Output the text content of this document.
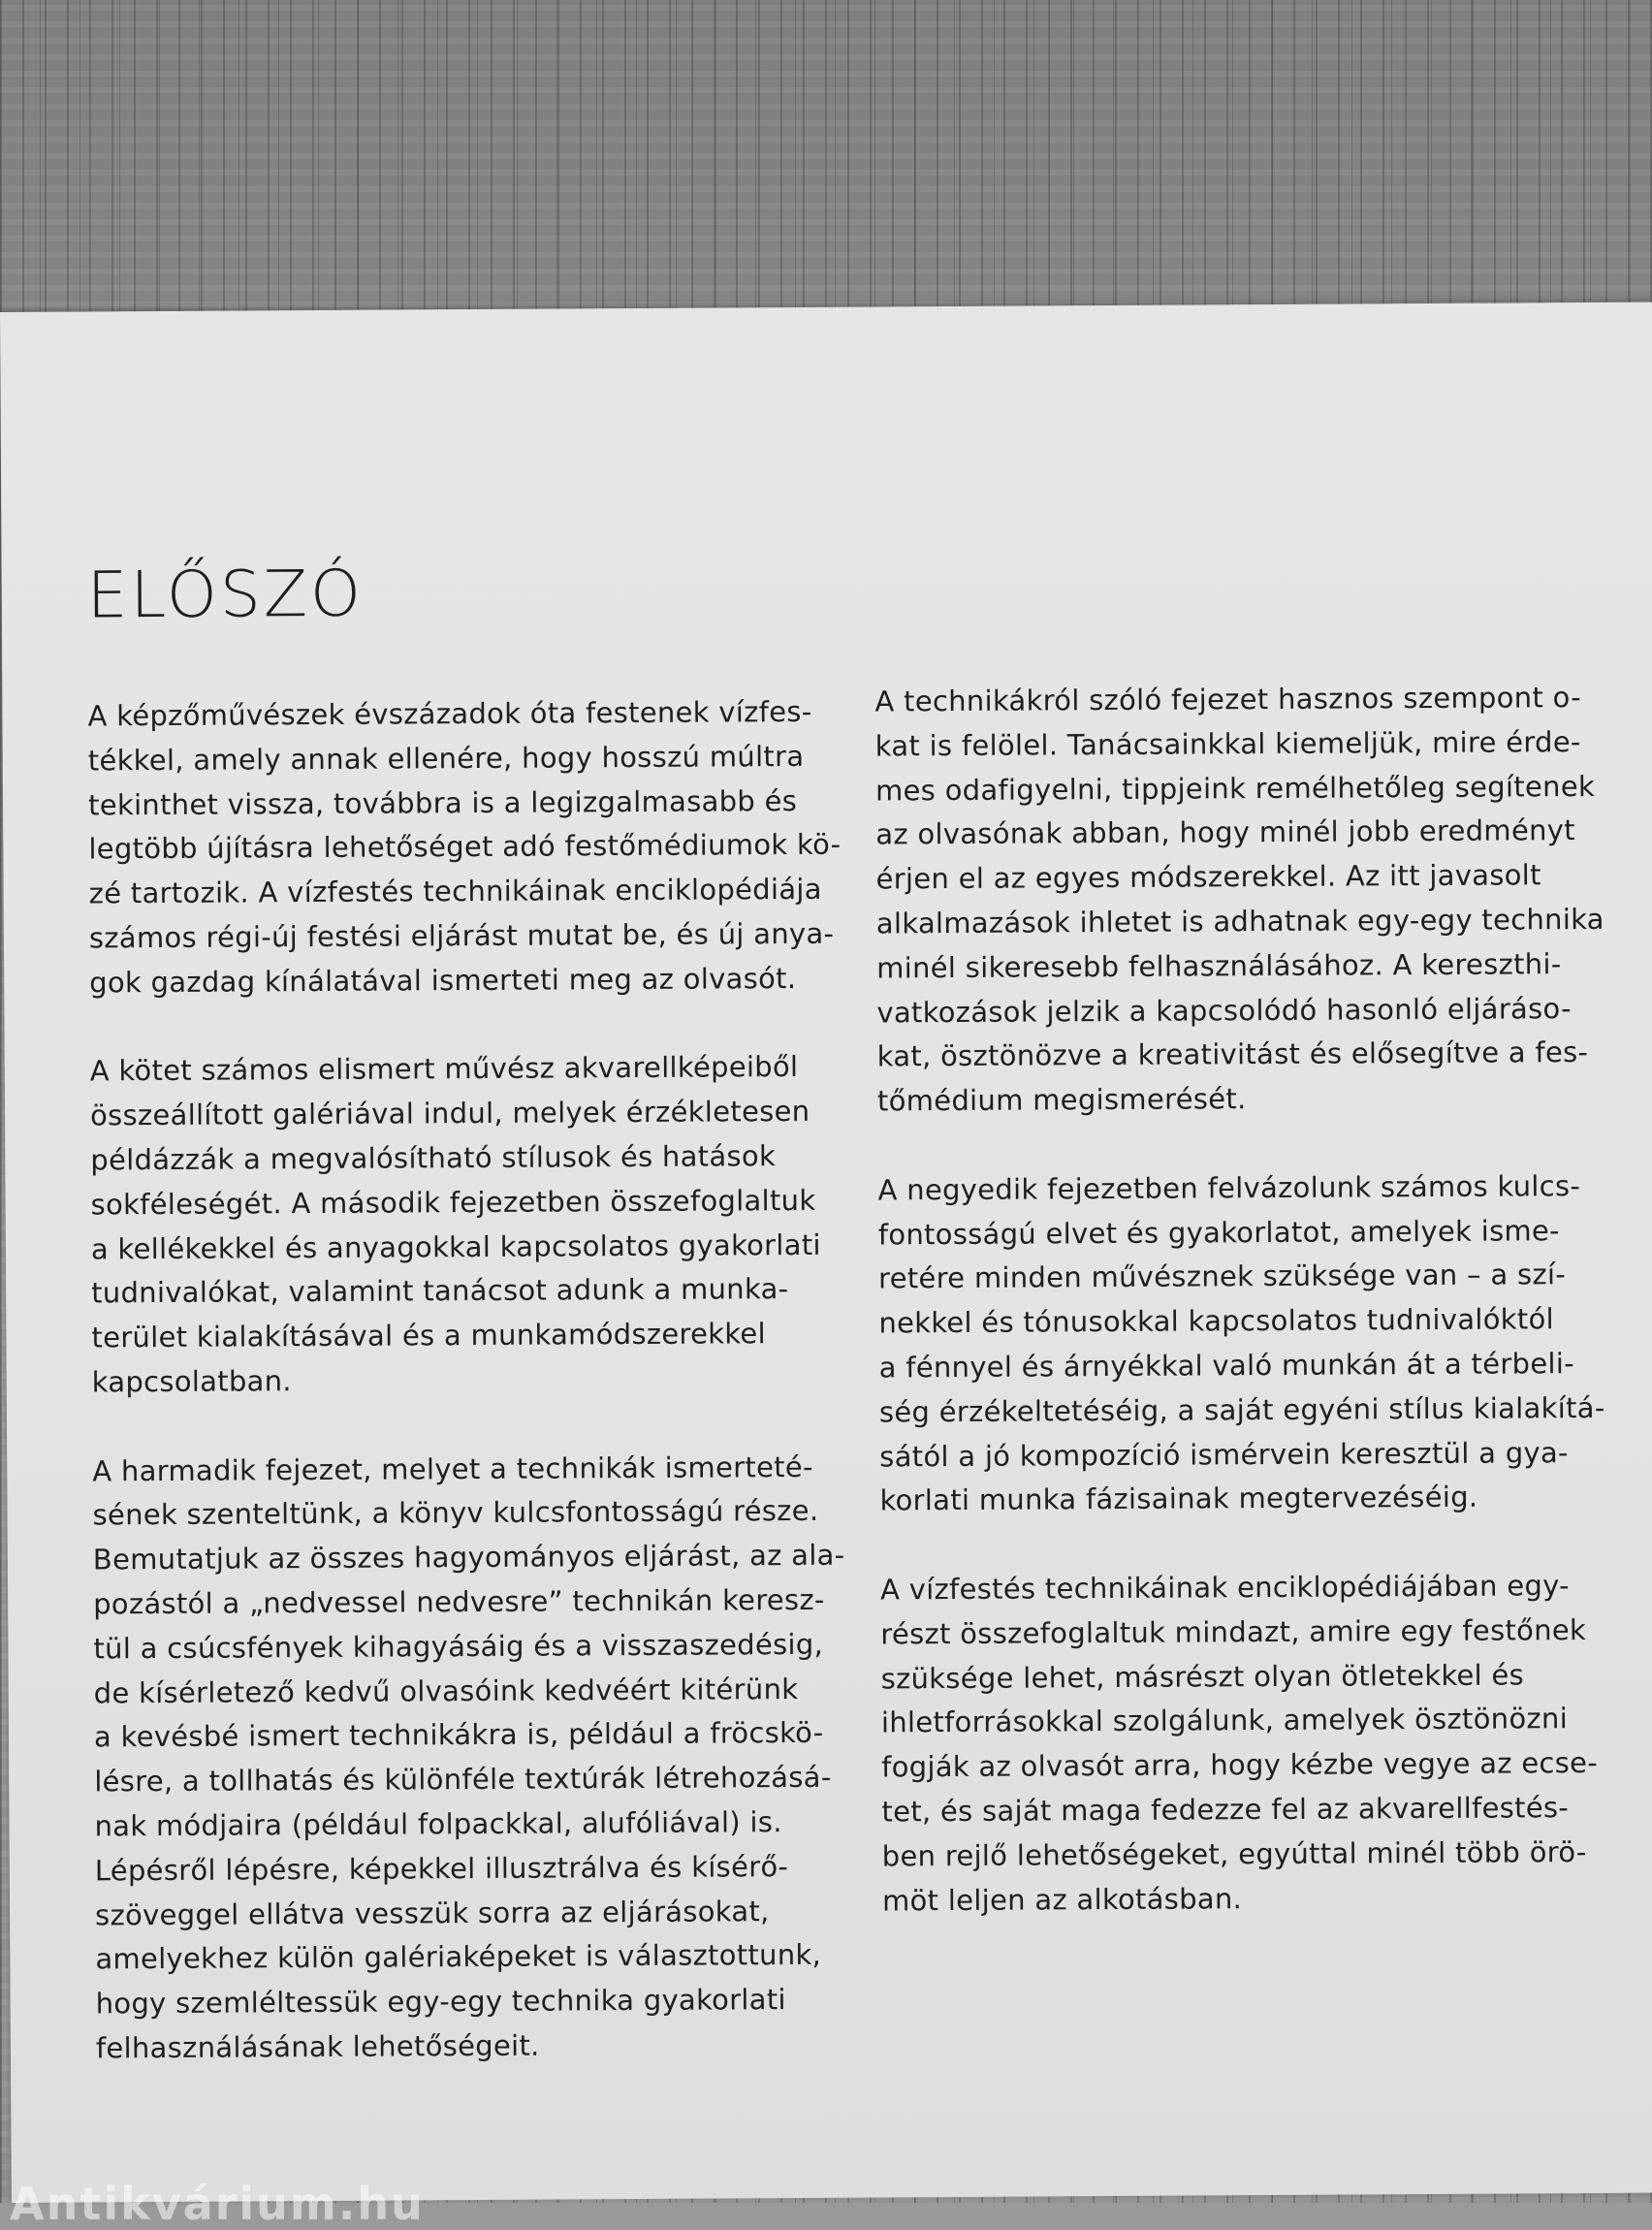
ELŐSZÓ

A képzőművészek évszázadok óta festenek vízfes-
tékkel, amely annak ellenére, hogy hosszú múltra
tekinthet vissza, továbbra is a legizgalmasabb és
legtöbb újításra lehetőséget adó festőmédiumok kö-
zé tartozik. A vízfestés technikáinak enciklopédiája
számos régi-új festési eljárást mutat be, és új anya-
gok gazdag kínálatával ismerteti meg az olvasót.

A kötet számos elismert művész akvarellképeiből
összeállított galériával indul, melyek érzékletesen
példázzák a megvalósítható stílusok és hatások
sokféleségét. A második fejezetben összefoglaltuk
a kellékekkel és anyagokkal kapcsolatos gyakorlati
tudnivalókat, valamint tanácsot adunk a munka-
terület kialakításával és a munkamódszerekkel
kapcsolatban.

A harmadik fejezet, melyet a technikák ismerteté-
sének szenteltünk, a könyv kulcsfontosságú része.
Bemutatjuk az összes hagyományos eljárást, az ala-
pozástól a „nedvessel nedvesre” technikán keresz-
tül a csúcsfények kihagyásáig és a visszaszedésig,
de kísérletező kedvű olvasóink kedvéért kitérünk
a kevésbé ismert technikákra is, például a fröcskö-
lésre, a tollhatás és különféle textúrák létrehozásá-
nak módjaira (például folpackkal, alufóliával) is.
Lépésről lépésre, képekkel illusztrálva és kísérő-
szöveggel ellátva vesszük sorra az eljárásokat,
amelyekhez külön galériaképeket is választottunk,
hogy szemléltessük egy-egy technika gyakorlati
felhasználásának lehetőségeit.

A technikákról szóló fejezet hasznos szempont o-
kat is felölel. Tanácsainkkal kiemeljük, mire érde-
mes odafigyelni, tippjeink remélhetőleg segítenek
az olvasónak abban, hogy minél jobb eredményt
érjen el az egyes módszerekkel. Az itt javasolt
alkalmazások ihletet is adhatnak egy-egy technika
minél sikeresebb felhasználásához. A kereszthi-
vatkozások jelzik a kapcsolódó hasonló eljáráso-
kat, ösztönözve a kreativitást és elősegítve a fes-
tőmédium megismerését.

A negyedik fejezetben felvázolunk számos kulcs-
fontosságú elvet és gyakorlatot, amelyek isme-
retére minden művésznek szüksége van – a szí-
nekkel és tónusokkal kapcsolatos tudnivalóktól
a fénnyel és árnyékkal való munkán át a térbeli-
ség érzékeltetéséig, a saját egyéni stílus kialakítá-
sától a jó kompozíció ismérvein keresztül a gya-
korlati munka fázisainak megtervezéséig.

A vízfestés technikáinak enciklopédiájában egy-
részt összefoglaltuk mindazt, amire egy festőnek
szüksége lehet, másrészt olyan ötletekkel és
ihletforrásokkal szolgálunk, amelyek ösztönözni
fogják az olvasót arra, hogy kézbe vegye az ecse-
tet, és saját maga fedezze fel az akvarellfestés-
ben rejlő lehetőségeket, egyúttal minél több örö-
möt leljen az alkotásban.

Antikvárium.hu
